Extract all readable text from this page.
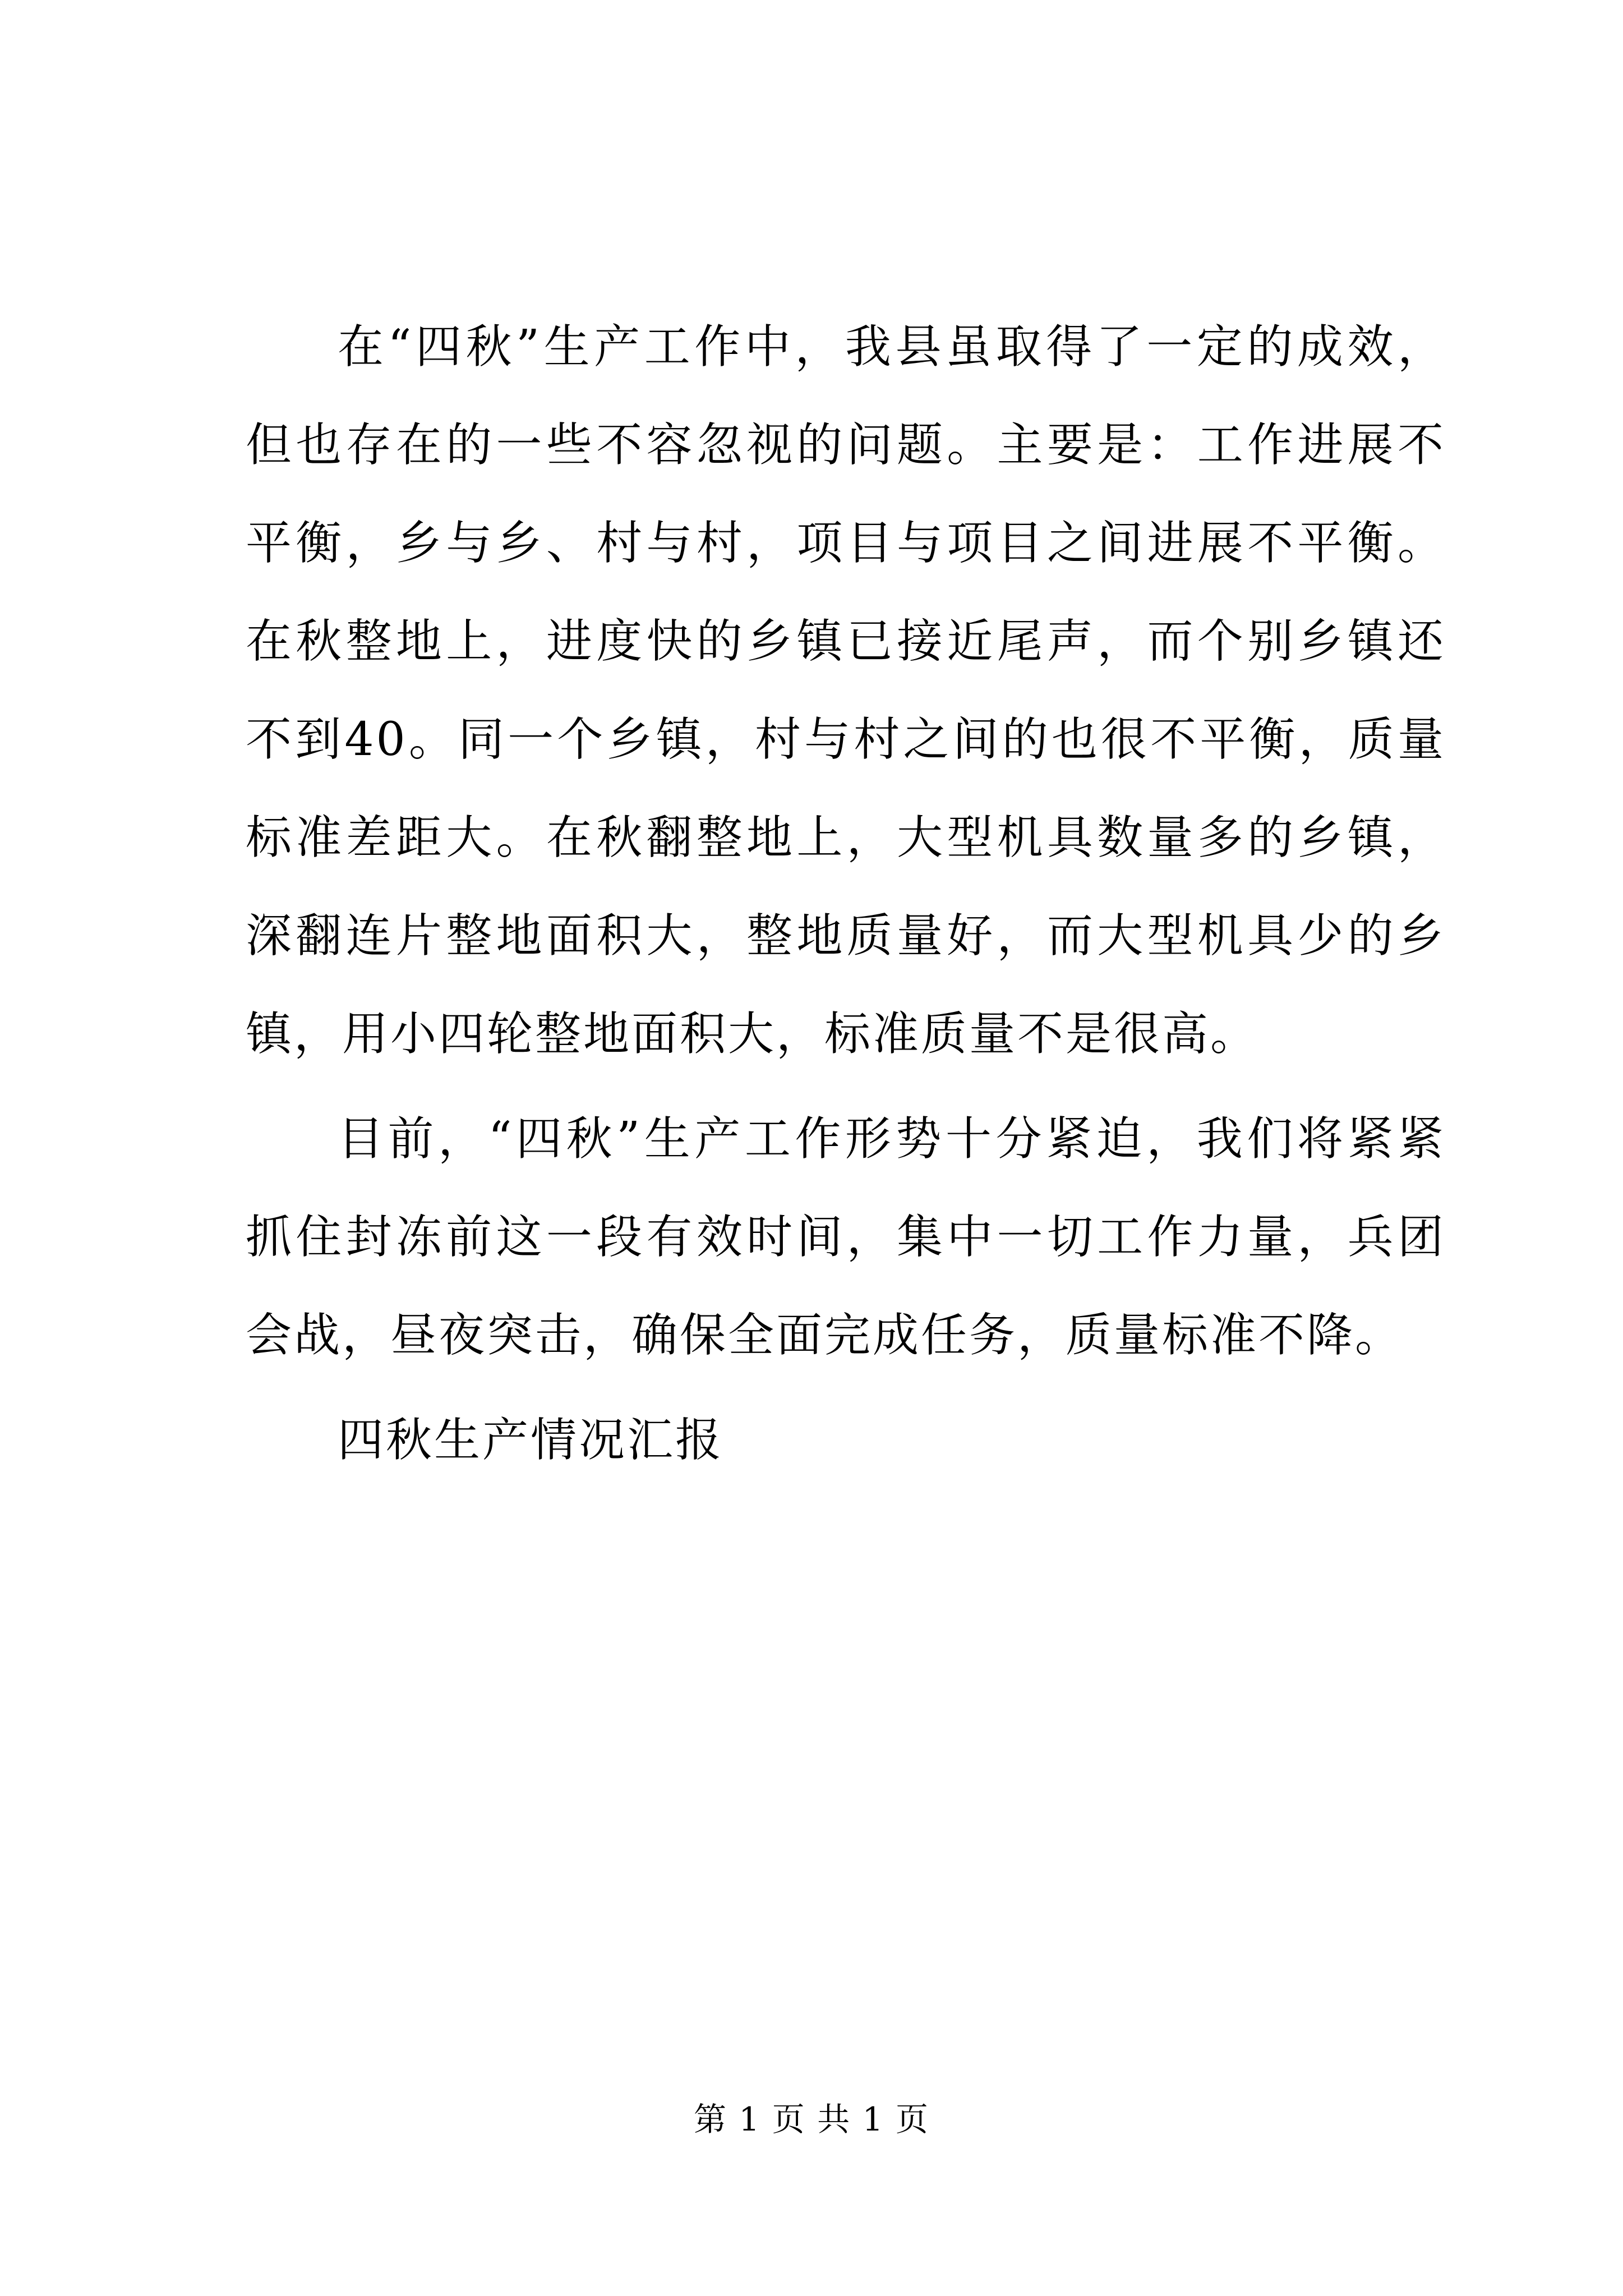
在“四秋”生产工作中，我县虽取得了一定的成效，但也存在的一些不容忽视的问题。主要是：工作进展不平衡，乡与乡、村与村，项目与项目之间进展不平衡。在秋整地上，进度快的乡镇已接近尾声，而个别乡镇还不到40。同一个乡镇，村与村之间的也很不平衡，质量标准差距大。在秋翻整地上，大型机具数量多的乡镇，深翻连片整地面积大，整地质量好，而大型机具少的乡镇，用小四轮整地面积大，标准质量不是很高。

目前，“四秋”生产工作形势十分紧迫，我们将紧紧抓住封冻前这一段有效时间，集中一切工作力量，兵团会战，昼夜突击，确保全面完成任务，质量标准不降。

四秋生产情况汇报

第 1 页 共 1 页
